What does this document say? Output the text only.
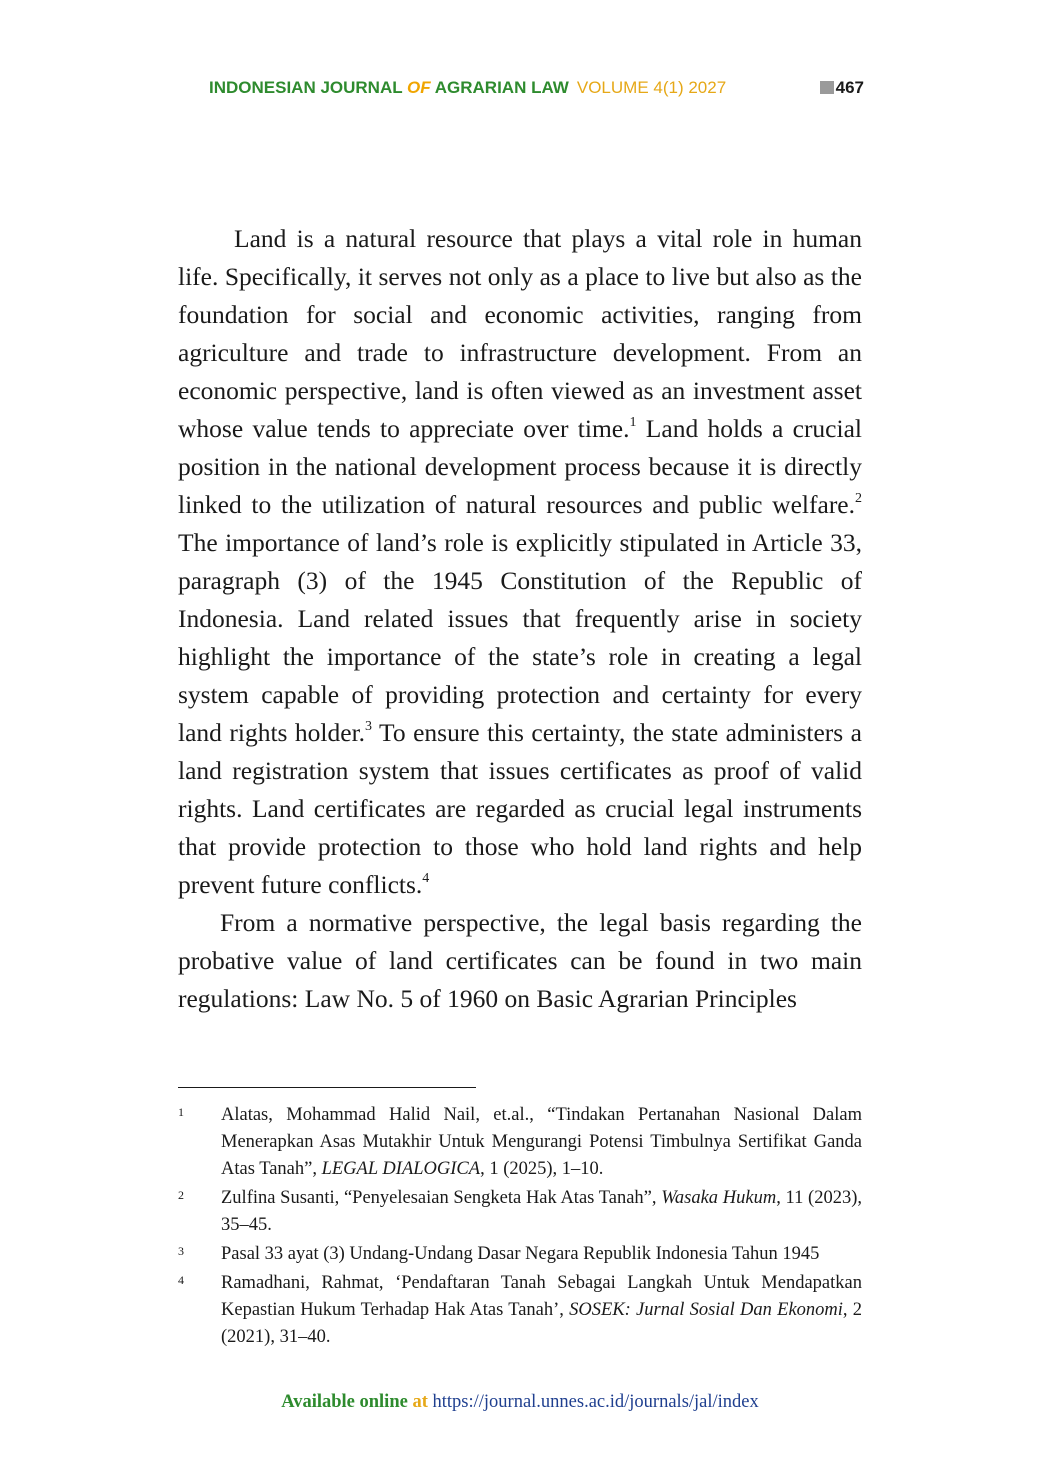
INDONESIAN JOURNAL OF AGRARIAN LAW VOLUME 4(1) 2027	467

Land is a natural resource that plays a vital role in human life. Specifically, it serves not only as a place to live but also as the foundation for social and economic activities, ranging from agriculture and trade to infrastructure development. From an economic perspective, land is often viewed as an investment asset whose value tends to appreciate over time.$^1$ Land holds a crucial position in the national development process because it is directly linked to the utilization of natural resources and public welfare.$^2$ The importance of land’s role is explicitly stipulated in Article 33, paragraph (3) of the 1945 Constitution of the Republic of Indonesia. Land related issues that frequently arise in society highlight the importance of the state’s role in creating a legal system capable of providing protection and certainty for every land rights holder.$^3$ To ensure this certainty, the state administers a land registration system that issues certificates as proof of valid rights. Land certificates are regarded as crucial legal instruments that provide protection to those who hold land rights and help prevent future conflicts.$^4$

From a normative perspective, the legal basis regarding the probative value of land certificates can be found in two main regulations: Law No. 5 of 1960 on Basic Agrarian Principles

1 Alatas, Mohammad Halid Nail, et.al., “Tindakan Pertanahan Nasional Dalam Menerapkan Asas Mutakhir Untuk Mengurangi Potensi Timbulnya Sertifikat Ganda Atas Tanah”, LEGAL DIALOGICA, 1 (2025), 1–10.
2 Zulfina Susanti, “Penyelesaian Sengketa Hak Atas Tanah”, Wasaka Hukum, 11 (2023), 35–45.
3 Pasal 33 ayat (3) Undang-Undang Dasar Negara Republik Indonesia Tahun 1945
4 Ramadhani, Rahmat, ‘Pendaftaran Tanah Sebagai Langkah Untuk Mendapatkan Kepastian Hukum Terhadap Hak Atas Tanah’, SOSEK: Jurnal Sosial Dan Ekonomi, 2 (2021), 31–40.
Available online at https://journal.unnes.ac.id/journals/jal/index
